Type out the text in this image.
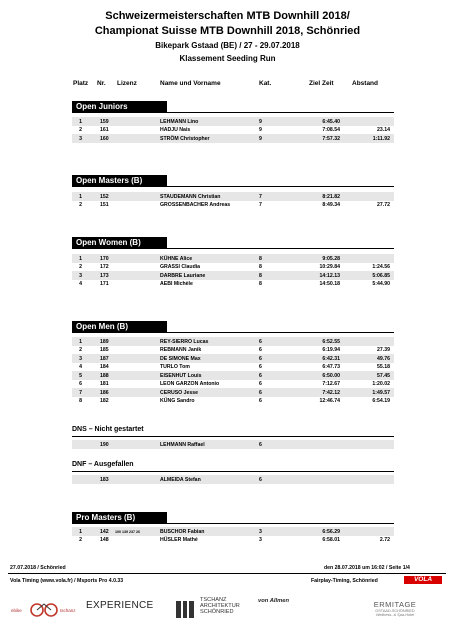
Schweizermeisterschaften MTB Downhill 2018/
Championat Suisse MTB Downhill 2018, Schönried
Bikepark Gstaad (BE) / 27 - 29.07.2018
Klassement Seeding Run
Platz Nr. Lizenz	Name und Vorname	Kat.	Ziel Zeit	Abstand
Open Juniors
1	159	LEHMANN Lino	9	6:45.40
2	161	HADJU Nais	9	7:08.54	23.14
3	160	STRÖM Christopher	9	7:57.32	1:11.92
Open Masters (B)
1	152	STAUDEMANN Christian	7	8:21.82
2	151	GROSSENBACHER Andreas	7	8:49.34	27.72
Open Women (B)
1	170	KÜHNE Alice	8	9:05.28
2	172	GRASSI Claudia	8	10:29.84	1:24.56
3	173	DARBRE Lauriane	8	14:12.13	5:06.85
4	171	AEBI Michèle	8	14:50.18	5:44.90
Open Men (B)
1	189	REY-SIERRO Lucas	6	6:52.55
2	185	REBMANN Janik	6	6:19.94	27.39
3	187	DE SIMONE Max	6	6:42.31	49.76
4	184	TURLO Tom	6	6:47.73	55.18
5	188	EISENHUT Louis	6	6:50.00	57.45
6	181	LEON GARZON Antonio	6	7:12.67	1:20.02
7	186	CERUSO Jesse	6	7:42.12	1:49.57
8	182	KÜNG Sandro	6	12:46.74	6:54.19
DNS – Nicht gestartet
190	LEHMANN Raffael	6
DNF – Ausgefallen
183	ALMEIDA Stefan	6
Pro Masters (B)
1	142 100 139 237 26	BUSCHOR Fabian	3	6:56.29
2	148	HÜSLER Mathé	3	6:58.01	2.72
27.07.2018 / Schönried	den 28.07.2018 um 16:02 / Seite 1/4
Vola Timing (www.vola.fr) / Msports Pro 4.0.33	Fairplay-Timing, Schönried	VOLA
ebike	tschanz EXPERIENCE	TSCHANZ
ARCHITEKTUR
SCHÖNRIED
von Allmen	ERMITAGE
GSTAAD-SCHÖNRIED
Wellness- & Spa-Hotel
